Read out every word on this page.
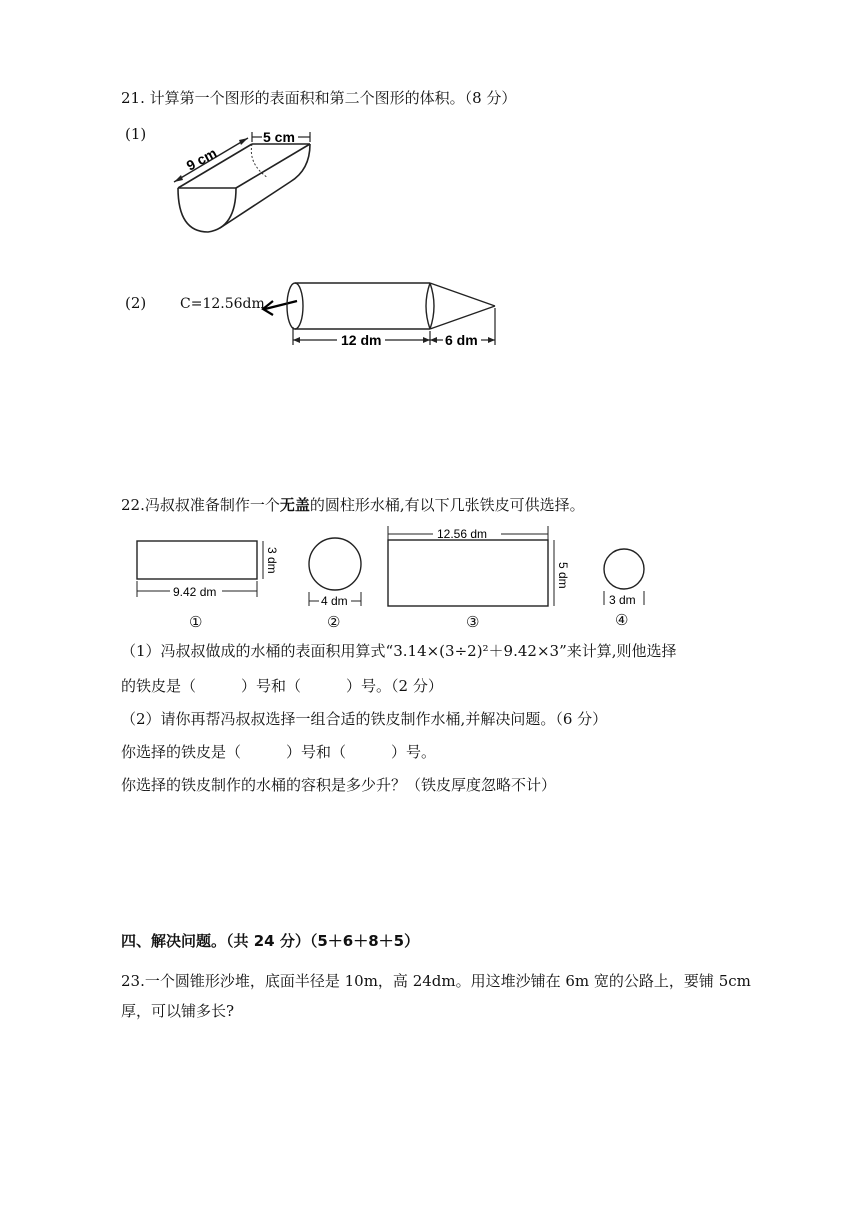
21. 计算第一个图形的表面积和第二个图形的体积。（8 分）
(1)
9 cm
5 cm
(2) C=12.56dm
12 dm	6 dm
22.冯叔叔准备制作一个无盖的圆柱形水桶,有以下几张铁皮可供选择。
9.42 dm
3 dm
4 dm
12.56 dm
5 dm
3 dm
①	②	③	④
（1）冯叔叔做成的水桶的表面积用算式“3.14×(3÷2)²＋9.42×3”来计算,则他选择
的铁皮是（　　　）号和（　　　）号。（2 分）
（2）请你再帮冯叔叔选择一组合适的铁皮制作水桶,并解决问题。（6 分）
你选择的铁皮是（　　　）号和（　　　）号。
你选择的铁皮制作的水桶的容积是多少升？（铁皮厚度忽略不计）
四、解决问题。（共 24 分）（5＋6＋8＋5）
23.一个圆锥形沙堆，底面半径是 10m，高 24dm。用这堆沙铺在 6m 宽的公路上，要铺 5cm
厚，可以铺多长?
